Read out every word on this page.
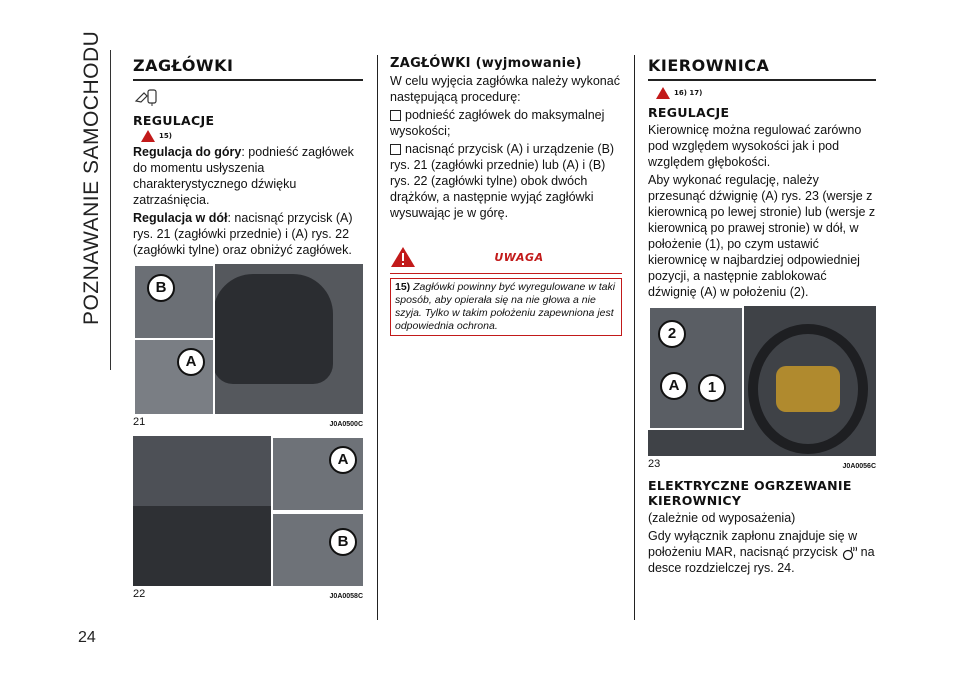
POZNAWANIE SAMOCHODU
24
ZAGŁÓWKI
REGULACJE
15)

Regulacja do góry: podnieść zagłówek do momentu usłyszenia charakterystycznego dźwięku zatrzaśnięcia.

Regulacja w dół: nacisnąć przycisk (A) rys. 21 (zagłówki przednie) i (A) rys. 22 (zagłówki tylne) oraz obniżyć zagłówek.

B
A
21	J0A0500C
A
B
22	J0A0058C
ZAGŁÓWKI (wyjmowanie)

W celu wyjęcia zagłówka należy wykonać następującą procedurę:

podnieść zagłówek do maksymalnej wysokości;

nacisnąć przycisk (A) i urządzenie (B) rys. 21 (zagłówki przednie) lub (A) i (B) rys. 22 (zagłówki tylne) obok dwóch drążków, a następnie wyjąć zagłówki wysuwając je w górę.

UWAGA
15) Zagłówki powinny być wyregulowane w taki sposób, aby opierała się na nie głowa a nie szyja. Tylko w takim położeniu zapewniona jest odpowiednia ochrona.
KIEROWNICA
16) 17)
REGULACJE

Kierownicę można regulować zarówno pod względem wysokości jak i pod względem głębokości.

Aby wykonać regulację, należy przesunąć dźwignię (A) rys. 23 (wersje z kierownicą po lewej stronie) lub (wersje z kierownicą po prawej stronie) w dół, w położenie (1), po czym ustawić kierownicę w najbardziej odpowiedniej pozycji, a następnie zablokować dźwignię (A) w położeniu (2).

2
A	1
23	J0A0056C
ELEKTRYCZNE OGRZEWANIE KIEROWNICY

(zależnie od wyposażenia)

Gdy wyłącznik zapłonu znajduje się w położeniu MAR, nacisnąć przycisk na desce rozdzielczej rys. 24.
